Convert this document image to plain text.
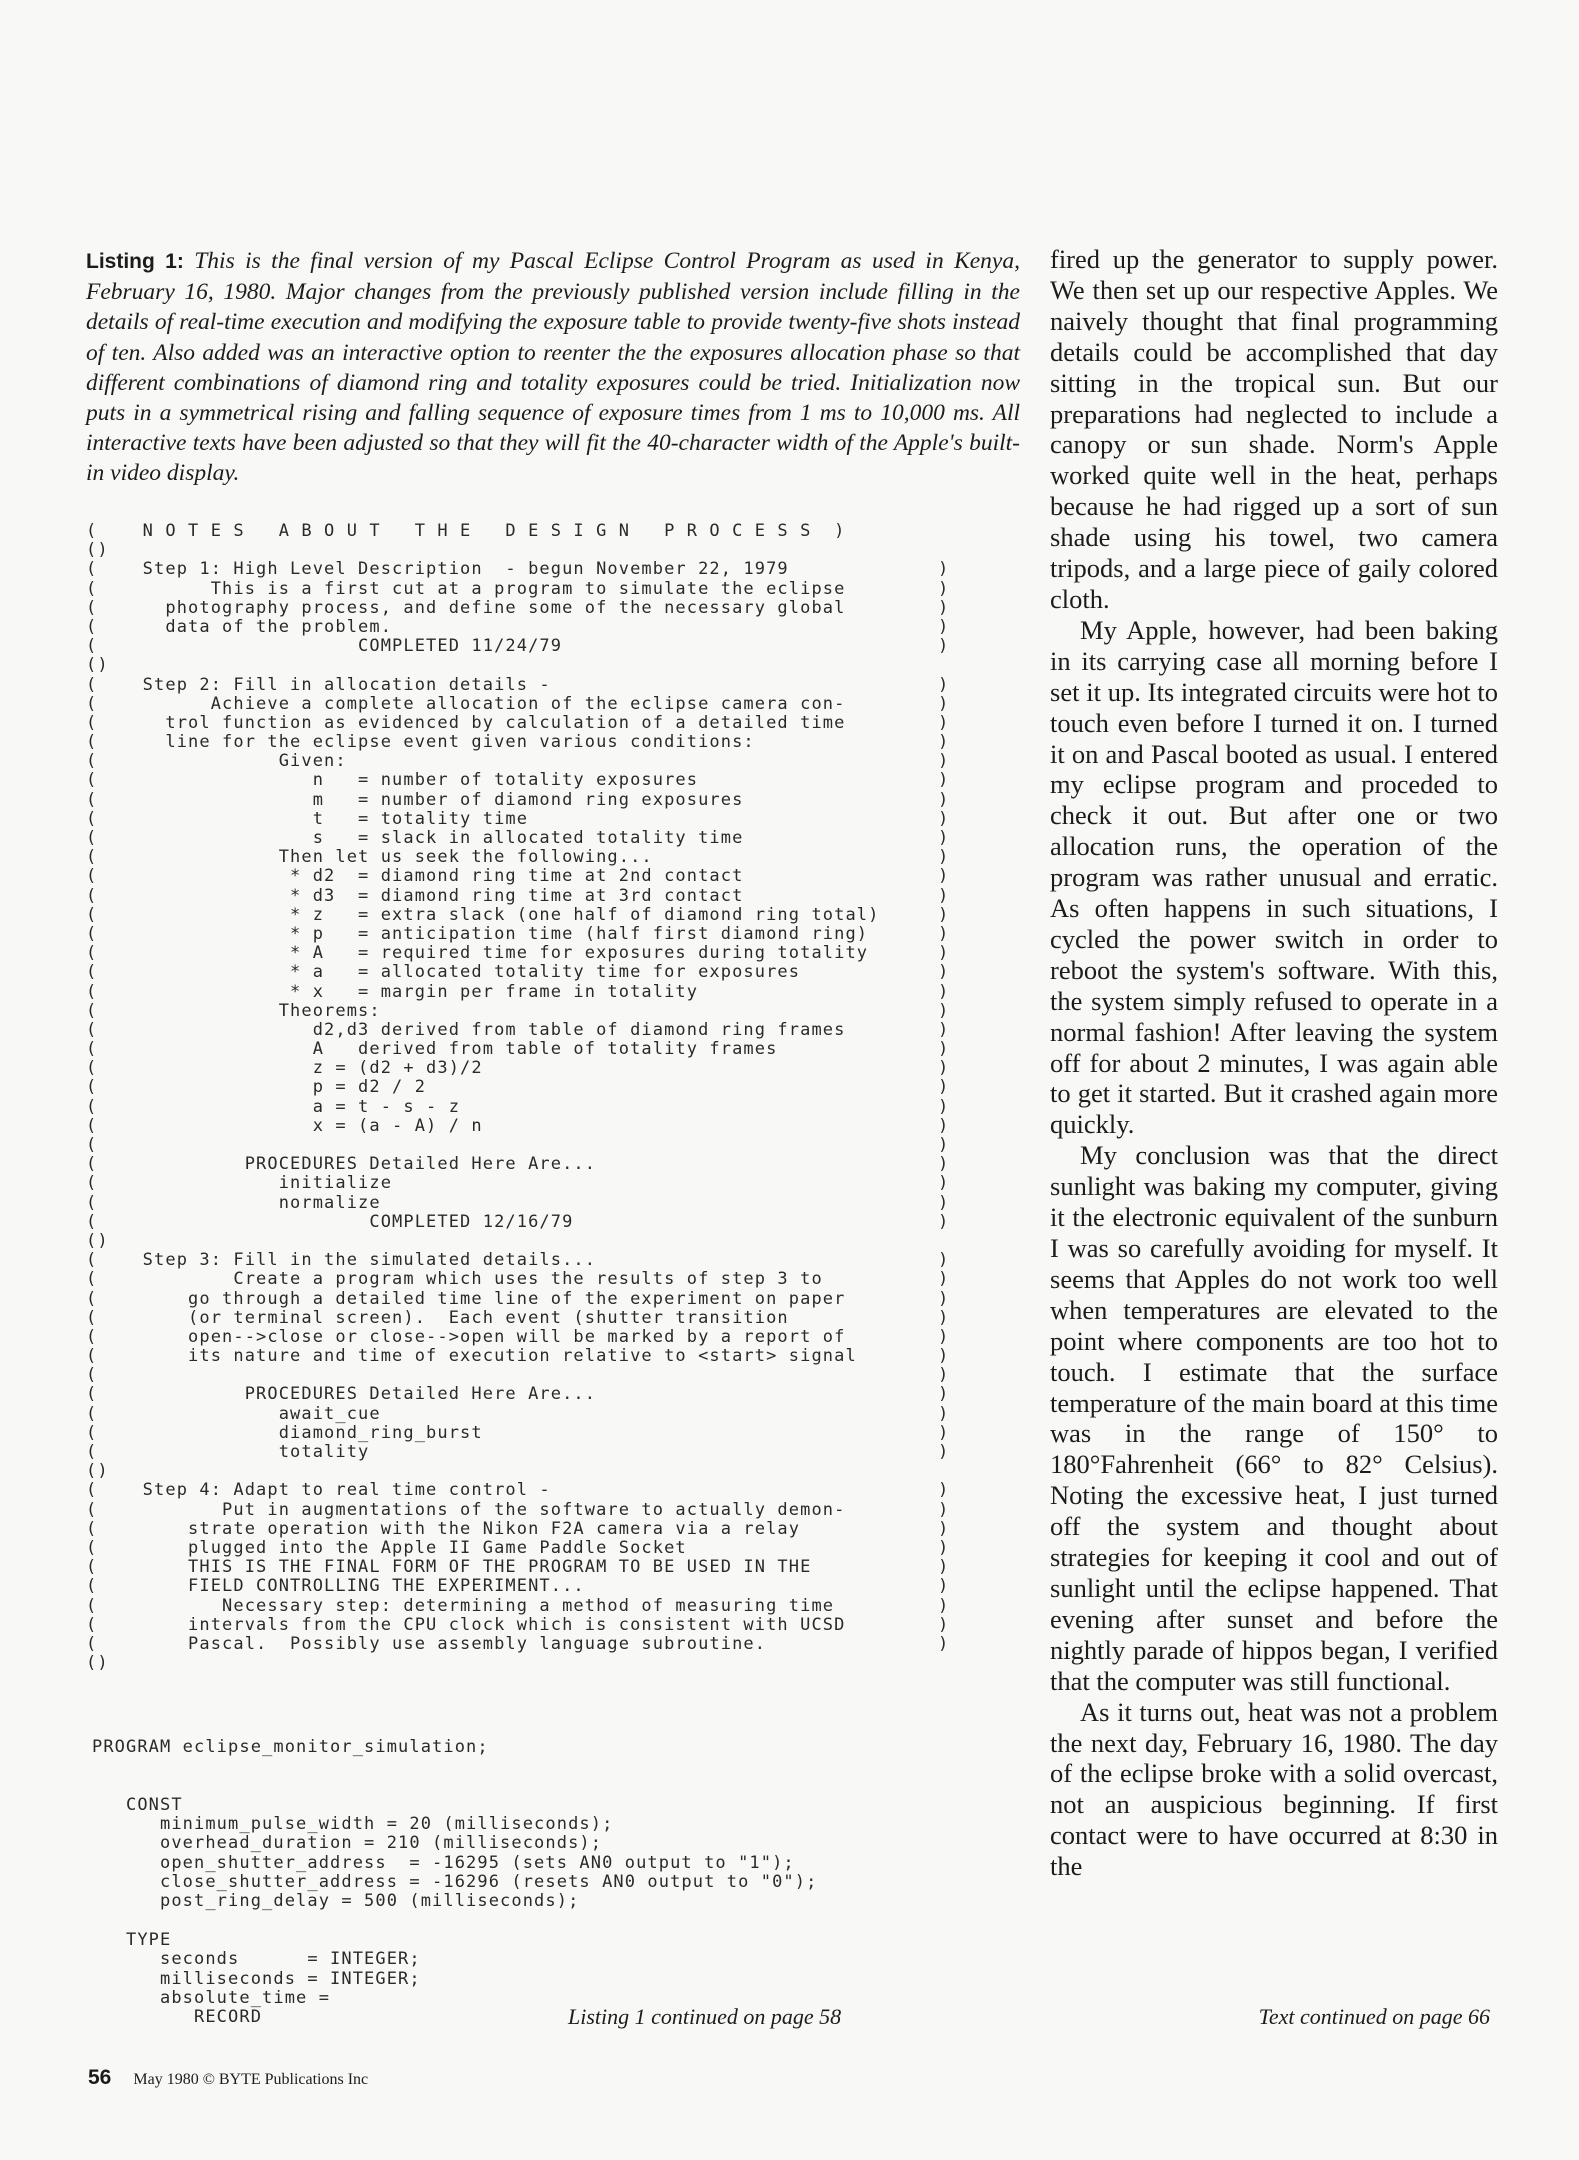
Listing 1: This is the final version of my Pascal Eclipse Control Program as used in Kenya, February 16, 1980. Major changes from the previously published version include filling in the details of real-time execution and modifying the exposure table to provide twenty-five shots instead of ten. Also added was an interactive option to reenter the the exposures allocation phase so that different combinations of diamond ring and totality exposures could be tried. Initialization now puts in a symmetrical rising and falling sequence of exposure times from 1 ms to 10,000 ms. All interactive texts have been adjusted so that they will fit the 40-character width of the Apple's built-in video display.
(    N O T E S   A B O U T   T H E   D E S I G N   P R O C E S S  )
()
(    Step 1: High Level Description  - begun November 22, 1979	)
(          This is a first cut at a program to simulate the eclipse	)
(      photography process, and define some of the necessary global	)
(      data of the problem.	)
(                       COMPLETED 11/24/79	)
()
(    Step 2: Fill in allocation details -	)
(          Achieve a complete allocation of the eclipse camera con-	)
(      trol function as evidenced by calculation of a detailed time	)
(      line for the eclipse event given various conditions:	)
(                Given:	)
(                   n   = number of totality exposures	)
(                   m   = number of diamond ring exposures	)
(                   t   = totality time	)
(                   s   = slack in allocated totality time	)
(                Then let us seek the following...	)
(                 * d2  = diamond ring time at 2nd contact	)
(                 * d3  = diamond ring time at 3rd contact	)
(                 * z   = extra slack (one half of diamond ring total)	)
(                 * p   = anticipation time (half first diamond ring)	)
(                 * A   = required time for exposures during totality	)
(                 * a   = allocated totality time for exposures	)
(                 * x   = margin per frame in totality	)
(                Theorems:	)
(                   d2,d3 derived from table of diamond ring frames	)
(                   A   derived from table of totality frames	)
(                   z = (d2 + d3)/2	)
(                   p = d2 / 2	)
(                   a = t - s - z	)
(                   x = (a - A) / n	)
(	)
(             PROCEDURES Detailed Here Are...	)
(                initialize	)
(                normalize	)
(                        COMPLETED 12/16/79	)
()
(    Step 3: Fill in the simulated details...	)
(            Create a program which uses the results of step 3 to	)
(        go through a detailed time line of the experiment on paper	)
(        (or terminal screen).  Each event (shutter transition	)
(        open-->close or close-->open will be marked by a report of	)
(        its nature and time of execution relative to <start> signal	)
(	)
(             PROCEDURES Detailed Here Are...	)
(                await_cue	)
(                diamond_ring_burst	)
(                totality	)
()
(    Step 4: Adapt to real time control -	)
(           Put in augmentations of the software to actually demon-	)
(        strate operation with the Nikon F2A camera via a relay	)
(        plugged into the Apple II Game Paddle Socket	)
(        THIS IS THE FINAL FORM OF THE PROGRAM TO BE USED IN THE	)
(        FIELD CONTROLLING THE EXPERIMENT...	)
(           Necessary step: determining a method of measuring time	)
(        intervals from the CPU clock which is consistent with UCSD	)
(        Pascal.  Possibly use assembly language subroutine.	)
()
PROGRAM eclipse_monitor_simulation;
CONST
minimum_pulse_width = 20 (milliseconds);
overhead_duration = 210 (milliseconds);
open_shutter_address  = -16295 (sets AN0 output to "1");
close_shutter_address = -16296 (resets AN0 output to "0");
post_ring_delay = 500 (milliseconds);
TYPE
seconds      = INTEGER;
milliseconds = INTEGER;
absolute_time =
RECORD	Listing 1 continued on page 58

fired up the generator to supply power. We then set up our respective Apples. We naively thought that final programming details could be accomplished that day sitting in the tropical sun. But our preparations had neglected to include a canopy or sun shade. Norm's Apple worked quite well in the heat, perhaps because he had rigged up a sort of sun shade using his towel, two camera tripods, and a large piece of gaily colored cloth.

My Apple, however, had been baking in its carrying case all morning before I set it up. Its integrated circuits were hot to touch even before I turned it on. I turned it on and Pascal booted as usual. I entered my eclipse program and proceded to check it out. But after one or two allocation runs, the operation of the program was rather unusual and erratic. As often happens in such situations, I cycled the power switch in order to reboot the system's software. With this, the system simply refused to operate in a normal fashion! After leaving the system off for about 2 minutes, I was again able to get it started. But it crashed again more quickly.

My conclusion was that the direct sunlight was baking my computer, giving it the electronic equivalent of the sunburn I was so carefully avoiding for myself. It seems that Apples do not work too well when temperatures are elevated to the point where components are too hot to touch. I estimate that the surface temperature of the main board at this time was in the range of 150° to 180°Fahrenheit (66° to 82° Celsius). Noting the excessive heat, I just turned off the system and thought about strategies for keeping it cool and out of sunlight until the eclipse happened. That evening after sunset and before the nightly parade of hippos began, I verified that the computer was still functional.

As it turns out, heat was not a problem the next day, February 16, 1980. The day of the eclipse broke with a solid overcast, not an auspicious beginning. If first contact were to have occurred at 8:30 in the

Text continued on page 66
56 May 1980 © BYTE Publications Inc
